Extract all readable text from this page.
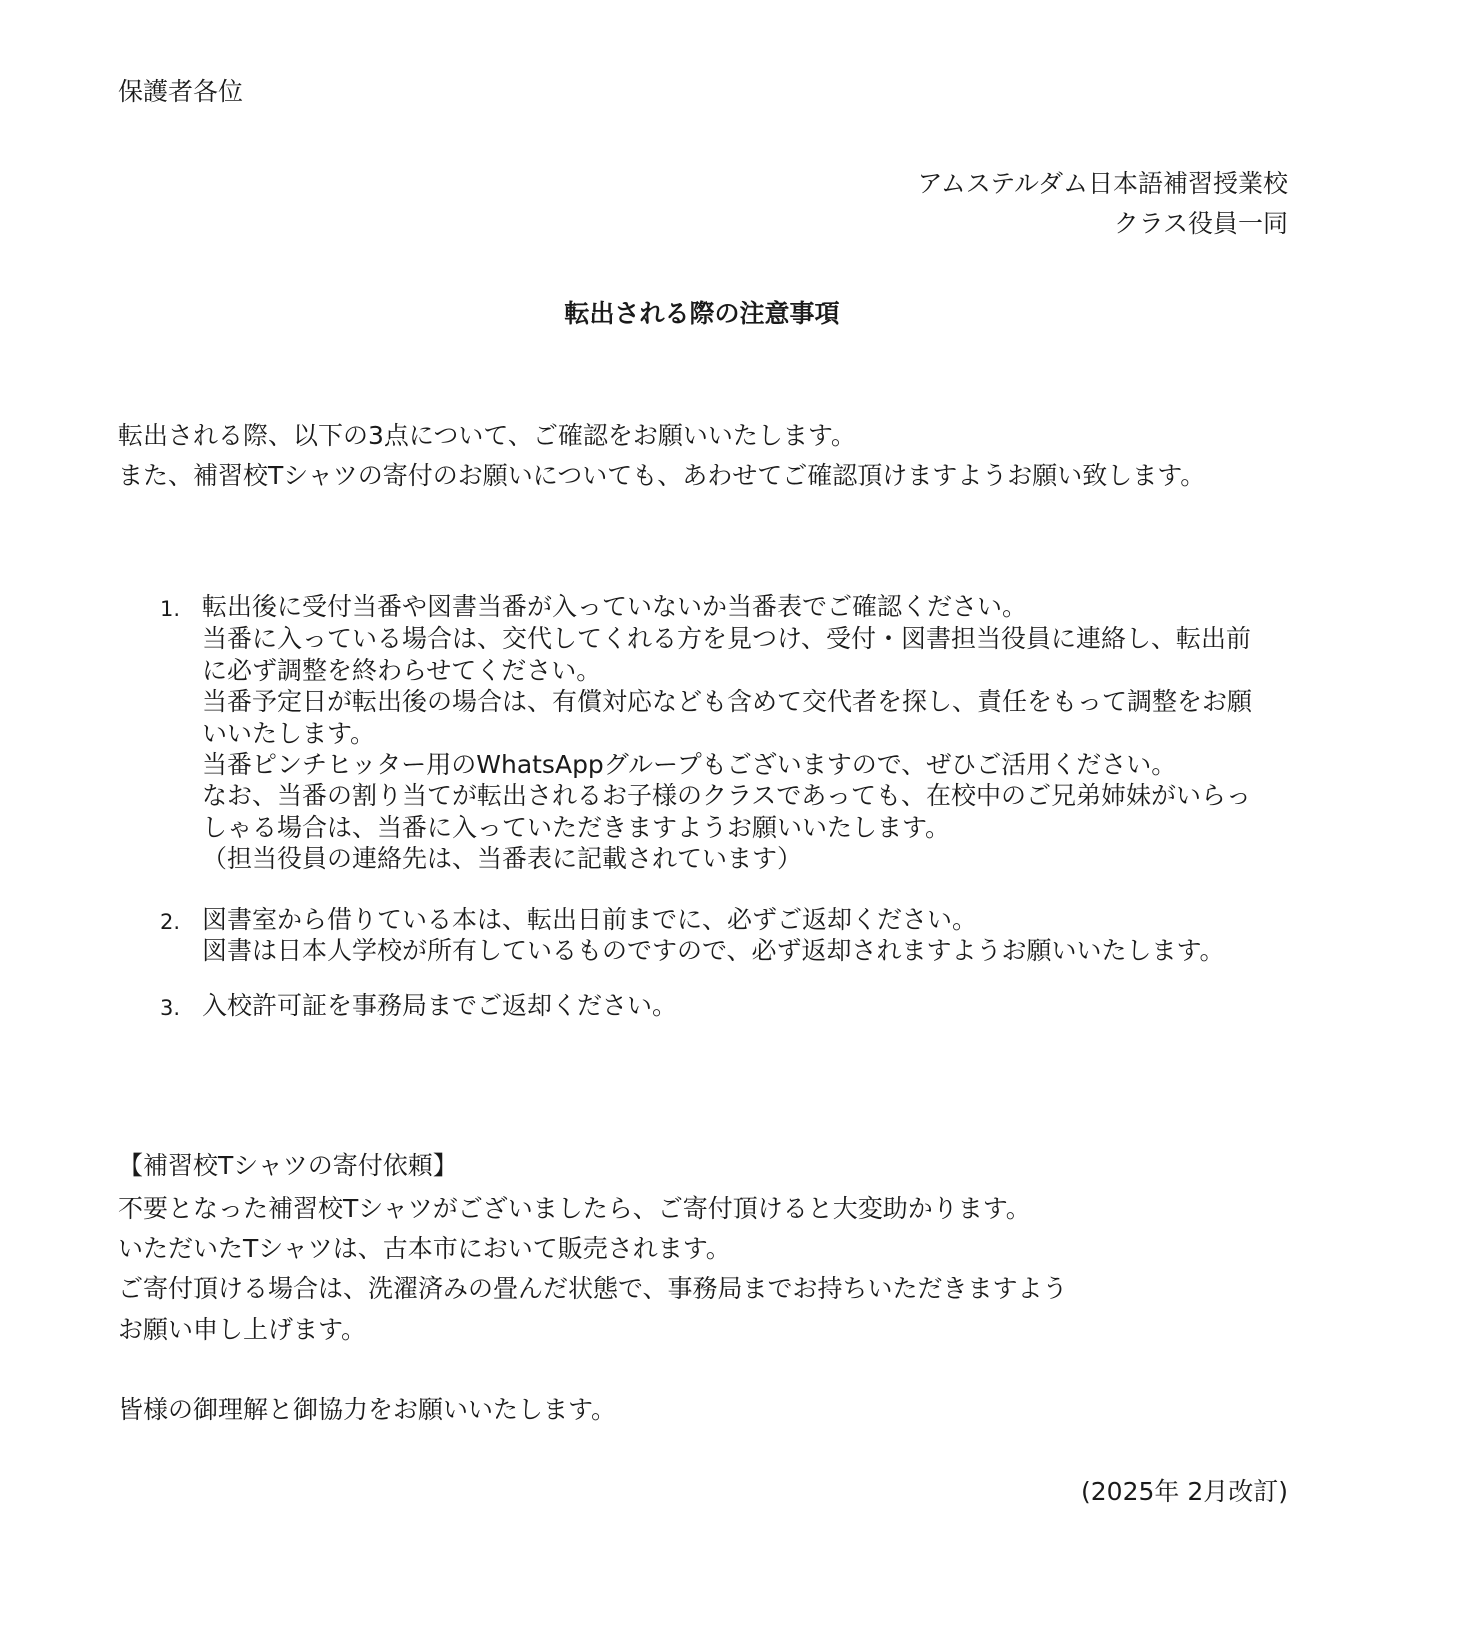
保護者各位
アムステルダム日本語補習授業校
クラス役員一同
転出される際の注意事項
転出される際、以下の3点について、ご確認をお願いいたします。
また、補習校Tシャツの寄付のお願いについても、あわせてご確認頂けますようお願い致します。
1. 転出後に受付当番や図書当番が入っていないか当番表でご確認ください。
当番に入っている場合は、交代してくれる方を見つけ、受付・図書担当役員に連絡し、転出前
に必ず調整を終わらせてください。
当番予定日が転出後の場合は、有償対応なども含めて交代者を探し、責任をもって調整をお願
いいたします。
当番ピンチヒッター用のWhatsAppグループもございますので、ぜひご活用ください。
なお、当番の割り当てが転出されるお子様のクラスであっても、在校中のご兄弟姉妹がいらっ
しゃる場合は、当番に入っていただきますようお願いいたします。
（担当役員の連絡先は、当番表に記載されています）
2. 図書室から借りている本は、転出日前までに、必ずご返却ください。
図書は日本人学校が所有しているものですので、必ず返却されますようお願いいたします。
3. 入校許可証を事務局までご返却ください。
【補習校Tシャツの寄付依頼】
不要となった補習校Tシャツがございましたら、ご寄付頂けると大変助かります。
いただいたTシャツは、古本市において販売されます。
ご寄付頂ける場合は、洗濯済みの畳んだ状態で、事務局までお持ちいただきますよう
お願い申し上げます。
皆様の御理解と御協力をお願いいたします。
(2025年 2月改訂)
